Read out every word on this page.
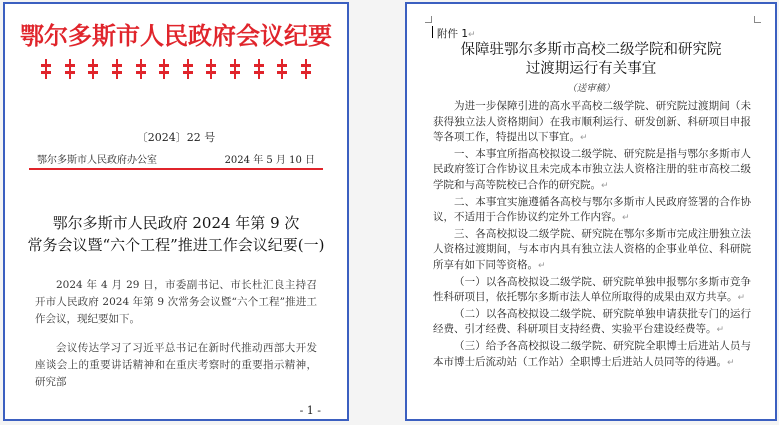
鄂尔多斯市人民政府会议纪要
〔2024〕22 号
鄂尔多斯市人民政府办公室	2024 年 5 月 10 日
鄂尔多斯市人民政府 2024 年第 9 次
常务会议暨“六个工程”推进工作会议纪要(一)

2024 年 4 月 29 日，市委副书记、市长杜汇良主持召开市人民政府 2024 年第 9 次常务会议暨“六个工程”推进工作会议，现纪要如下。

会议传达学习了习近平总书记在新时代推动西部大开发座谈会上的重要讲话精神和在重庆考察时的重要指示精神，研究部

- 1 -
附件 1↵
保障驻鄂尔多斯市高校二级学院和研究院
过渡期运行有关事宜
（送审稿）

为进一步保障引进的高水平高校二级学院、研究院过渡期间（未获得独立法人资格期间）在我市顺利运行、研发创新、科研项目申报等各项工作，特提出以下事宜。↵

一、本事宜所指高校拟设二级学院、研究院是指与鄂尔多斯市人民政府签订合作协议且未完成本市独立法人资格注册的驻市高校二级学院和与高等院校已合作的研究院。↵

二、本事宜实施遵循各高校与鄂尔多斯市人民政府签署的合作协议，不适用于合作协议约定外工作内容。↵

三、各高校拟设二级学院、研究院在鄂尔多斯市完成注册独立法人资格过渡期间，与本市内具有独立法人资格的企事业单位、科研院所享有如下同等资格。↵

（一）以各高校拟设二级学院、研究院单独申报鄂尔多斯市竞争性科研项目，依托鄂尔多斯市法人单位所取得的成果由双方共享。↵

（二）以各高校拟设二级学院、研究院单独申请获批专门的运行经费、引才经费、科研项目支持经费、实验平台建设经费等。↵

（三）给予各高校拟设二级学院、研究院全职博士后进站人员与本市博士后流动站（工作站）全职博士后进站人员同等的待遇。↵
